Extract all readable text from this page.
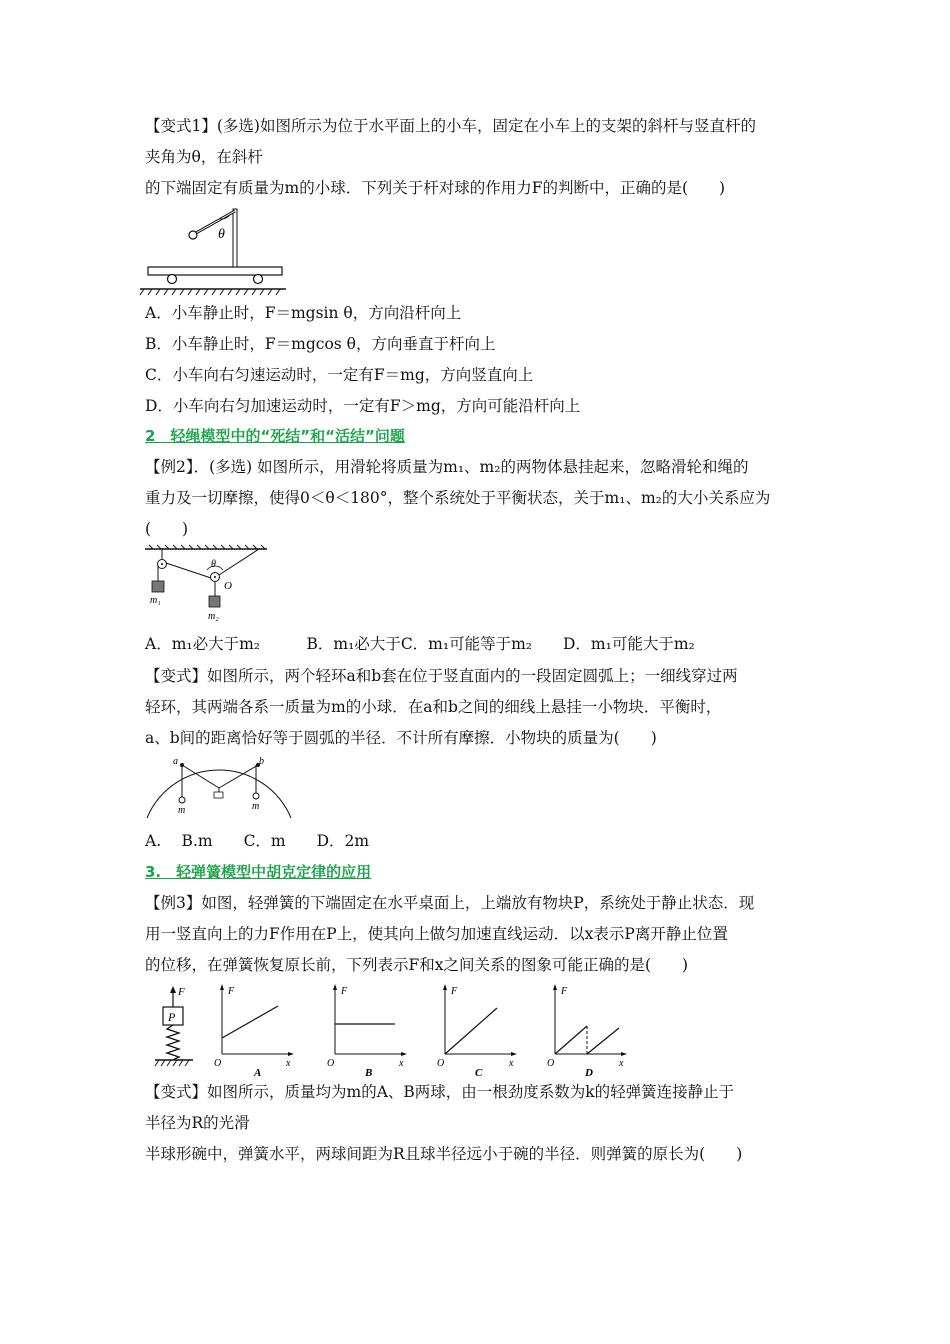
【变式1】(多选)如图所示为位于水平面上的小车，固定在小车上的支架的斜杆与竖直杆的
夹角为θ，在斜杆
的下端固定有质量为m的小球．下列关于杆对球的作用力F的判断中，正确的是(　　)
θ
A．小车静止时，F＝mgsin θ，方向沿杆向上
B．小车静止时，F＝mgcos θ，方向垂直于杆向上
C．小车向右匀速运动时，一定有F＝mg，方向竖直向上
D．小车向右匀加速运动时，一定有F＞mg，方向可能沿杆向上
2　轻绳模型中的“死结”和“活结”问题
【例2】．(多选) 如图所示，用滑轮将质量为m₁、m₂的两物体悬挂起来，忽略滑轮和绳的
重力及一切摩擦，使得0＜θ＜180°，整个系统处于平衡状态，关于m₁、m₂的大小关系应为
(　　)
m₁
θ
O
m₂
A．m₁必大于m₂　　　B．m₁必大于C．m₁可能等于m₂　　D．m₁可能大于m₂
【变式】如图所示，两个轻环a和b套在位于竖直面内的一段固定圆弧上；一细线穿过两
轻环，其两端各系一质量为m的小球．在a和b之间的细线上悬挂一小物块．平衡时，
a、b间的距离恰好等于圆弧的半径．不计所有摩擦．小物块的质量为(　　)
a	b
m	m
A.　 B.m　　C．m　　D．2m
3.　轻弹簧模型中胡克定律的应用
【例3】如图，轻弹簧的下端固定在水平桌面上，上端放有物块P，系统处于静止状态．现
用一竖直向上的力F作用在P上，使其向上做匀加速直线运动．以x表示P离开静止位置
的位移，在弹簧恢复原长前，下列表示F和x之间关系的图象可能正确的是(　　)
F
P
F
x
O
A
F
x
O
B
F
x
O
C
F
x
O
D
【变式】如图所示，质量均为m的A、B两球，由一根劲度系数为k的轻弹簧连接静止于
半径为R的光滑
半球形碗中，弹簧水平，两球间距为R且球半径远小于碗的半径．则弹簧的原长为(　　)
